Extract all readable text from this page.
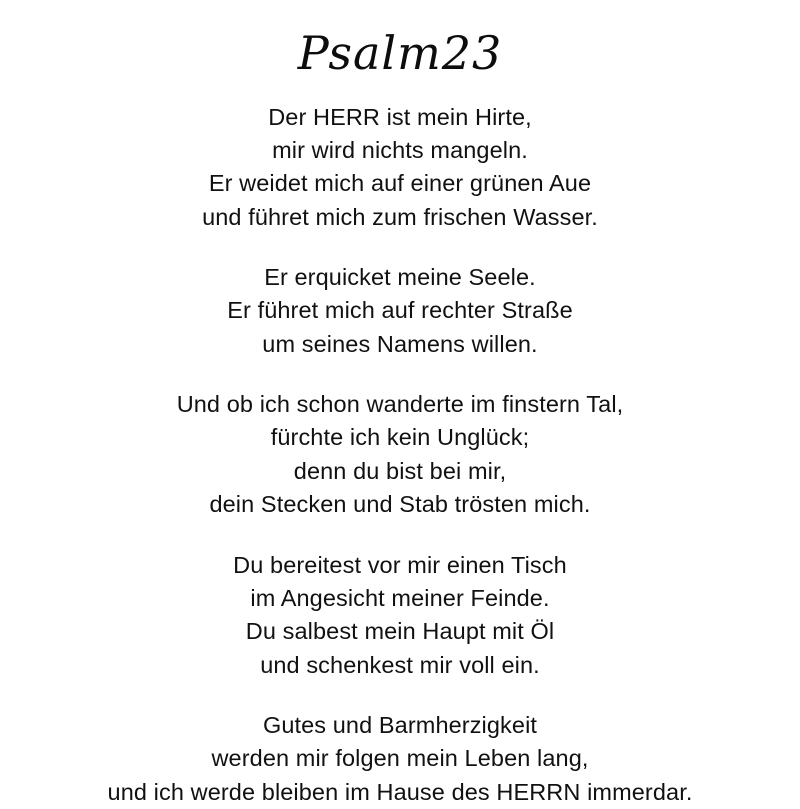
Psalm23
Der HERR ist mein Hirte,
mir wird nichts mangeln.
Er weidet mich auf einer grünen Aue
und führet mich zum frischen Wasser.
Er erquicket meine Seele.
Er führet mich auf rechter Straße
um seines Namens willen.
Und ob ich schon wanderte im finstern Tal,
fürchte ich kein Unglück;
denn du bist bei mir,
dein Stecken und Stab trösten mich.
Du bereitest vor mir einen Tisch
im Angesicht meiner Feinde.
Du salbest mein Haupt mit Öl
und schenkest mir voll ein.
Gutes und Barmherzigkeit
werden mir folgen mein Leben lang,
und ich werde bleiben im Hause des HERRN immerdar.
